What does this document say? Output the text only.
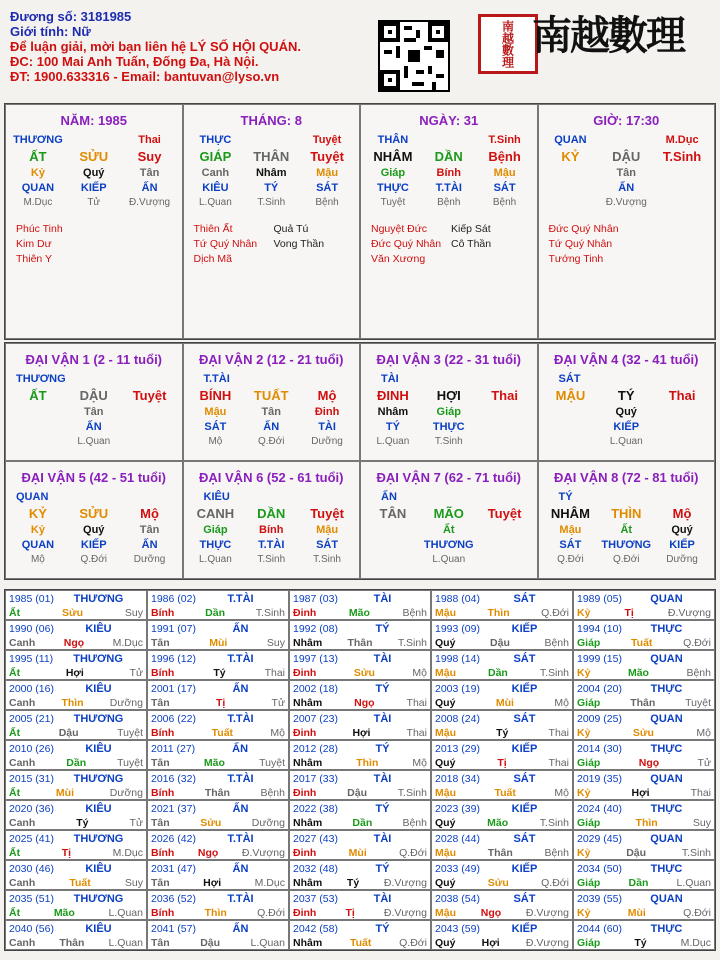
Đương số: 3181985
Giới tính: Nữ
Để luận giải, mời bạn liên hệ LÝ SỐ HỘI QUÁN.
ĐC: 100 Mai Anh Tuấn, Đống Đa, Hà Nội.
ĐT: 1900.633316 - Email: bantuvan@lyso.vn
南越數理 南越數理
NĂM: 1985
THƯƠNG	Thai
ẤT	SỬU	Suy
Kỷ	Quý	Tân
QUAN	KIẾP	ẤN
M.Dục	Tử	Đ.Vượng
Phúc Tinh
Kim Dư
Thiên Y
THÁNG: 8
THỰC	Tuyệt
GIÁP	THÂN	Tuyệt
Canh	Nhâm	Mậu
KIÊU	TÝ	SÁT
L.Quan	T.Sinh	Bệnh
Thiên Ất	Quả Tú
Tứ Quý Nhân	Vong Thần
Dịch Mã
NGÀY: 31
THÂN	T.Sinh
NHÂM	DẦN	Bệnh
Giáp	Bính	Mậu
THỰC	T.TÀI	SÁT
Tuyệt	Bệnh	Bệnh
Nguyệt Đức	Kiếp Sát
Đức Quý Nhân Cô Thần
Văn Xương
GIỜ: 17:30
QUAN	M.Dục
KỶ	DẬU	T.Sinh
Tân
ẤN
Đ.Vượng
Đức Quý Nhân
Tứ Quý Nhân
Tướng Tinh
ĐẠI VẬN 1 (2 - 11 tuổi)
THƯƠNG
ẤT	DẬU	Tuyệt
Tân
ẤN
L.Quan
ĐẠI VẬN 2 (12 - 21 tuổi)
T.TÀI
BÍNH	TUẤT	Mộ
Mậu	Tân	Đinh
SÁT	ẤN	TÀI
Mộ	Q.Đới	Dưỡng
ĐẠI VẬN 3 (22 - 31 tuổi)
TÀI
ĐINH	HỢI	Thai
Nhâm	Giáp
TÝ	THỰC
L.Quan	T.Sinh
ĐẠI VẬN 4 (32 - 41 tuổi)
SÁT
MẬU	TÝ	Thai
Quý
KIẾP
L.Quan
ĐẠI VẬN 5 (42 - 51 tuổi)
QUAN
KỶ	SỬU	Mộ
Kỷ	Quý	Tân
QUAN	KIẾP	ẤN
Mộ	Q.Đới	Dưỡng
ĐẠI VẬN 6 (52 - 61 tuổi)
KIÊU
CANH	DẦN	Tuyệt
Giáp	Bính	Mậu
THỰC	T.TÀI	SÁT
L.Quan	T.Sinh	T.Sinh
ĐẠI VẬN 7 (62 - 71 tuổi)
ẤN
TÂN	MÃO	Tuyệt
Ất
THƯƠNG
L.Quan
ĐẠI VẬN 8 (72 - 81 tuổi)
TÝ
NHÂM	THÌN	Mộ
Mậu	Ất	Quý
SÁT	THƯƠNG	KIẾP
Q.Đới	Q.Đới	Dưỡng
1985 (01)	THƯƠNG
Ất	Sửu	Suy
1986 (02)	T.TÀI
Bính	Dần	T.Sinh
1987 (03)	TÀI
Đinh	Mão	Bệnh
1988 (04)	SÁT
Mậu	Thìn	Q.Đới
1989 (05)	QUAN
Kỷ	Tị	Đ.Vượng
1990 (06)	KIÊU
Canh	Ngọ	M.Dục
1991 (07)	ẤN
Tân	Mùi	Suy
1992 (08)	TÝ
Nhâm Thân T.Sinh
1993 (09)	KIẾP
Quý	Dậu	Bệnh
1994 (10)	THỰC
Giáp	Tuất	Q.Đới
1995 (11)	THƯƠNG
Ất	Hợi	Tử
1996 (12)	T.TÀI
Bính	Tý	Thai
1997 (13)	TÀI
Đinh	Sửu	Mộ
1998 (14)	SÁT
Mậu	Dần	T.Sinh
1999 (15)	QUAN
Kỷ	Mão	Bệnh
2000 (16)	KIÊU
Canh Thìn Dưỡng
2001 (17)	ẤN
Tân	Tị	Tử
2002 (18)	TÝ
Nhâm	Ngọ	Thai
2003 (19)	KIẾP
Quý	Mùi	Mộ
2004 (20)	THỰC
Giáp	Thân	Tuyệt
2005 (21)	THƯƠNG
Ất	Dậu	Tuyệt
2006 (22)	T.TÀI
Bính	Tuất	Mộ
2007 (23)	TÀI
Đinh	Hợi	Thai
2008 (24)	SÁT
Mậu	Tý	Thai
2009 (25)	QUAN
Kỷ	Sửu	Mộ
2010 (26)	KIÊU
Canh	Dần	Tuyệt
2011 (27)	ẤN
Tân	Mão	Tuyệt
2012 (28)	TÝ
Nhâm	Thìn	Mộ
2013 (29)	KIẾP
Quý	Tị	Thai
2014 (30)	THỰC
Giáp	Ngọ	Tử
2015 (31)	THƯƠNG
Ất	Mùi	Dưỡng
2016 (32)	T.TÀI
Bính	Thân	Bệnh
2017 (33)	TÀI
Đinh	Dậu	T.Sinh
2018 (34)	SÁT
Mậu	Tuất	Mộ
2019 (35)	QUAN
Kỷ	Hợi	Thai
2020 (36)	KIÊU
Canh	Tý	Tử
2021 (37)	ẤN
Tân	Sửu	Dưỡng
2022 (38)	TÝ
Nhâm	Dần	Bệnh
2023 (39)	KIẾP
Quý	Mão	T.Sinh
2024 (40)	THỰC
Giáp	Thìn	Suy
2025 (41)	THƯƠNG
Ất	Tị	M.Dục
2026 (42)	T.TÀI
Bính Ngọ Đ.Vượng
2027 (43)	TÀI
Đinh	Mùi	Q.Đới
2028 (44)	SÁT
Mậu	Thân	Bệnh
2029 (45)	QUAN
Kỷ	Dậu	T.Sinh
2030 (46)	KIÊU
Canh	Tuất	Suy
2031 (47)	ẤN
Tân	Hợi	M.Dục
2032 (48)	TÝ
Nhâm Tý Đ.Vượng
2033 (49)	KIẾP
Quý	Sửu	Q.Đới
2034 (50)	THỰC
Giáp	Dần	L.Quan
2035 (51)	THƯƠNG
Ất	Mão	L.Quan
2036 (52)	T.TÀI
Bính	Thìn	Q.Đới
2037 (53)	TÀI
Đinh	Tị	Đ.Vượng
2038 (54)	SÁT
Mậu Ngọ Đ.Vượng
2039 (55)	QUAN
Kỷ	Mùi	Q.Đới
2040 (56)	KIÊU
Canh Thân L.Quan
2041 (57)	ẤN
Tân	Dậu	L.Quan
2042 (58)	TÝ
Nhâm	Tuất	Q.Đới
2043 (59)	KIẾP
Quý	Hợi	Đ.Vượng
2044 (60)	THỰC
Giáp	Tý	M.Dục
